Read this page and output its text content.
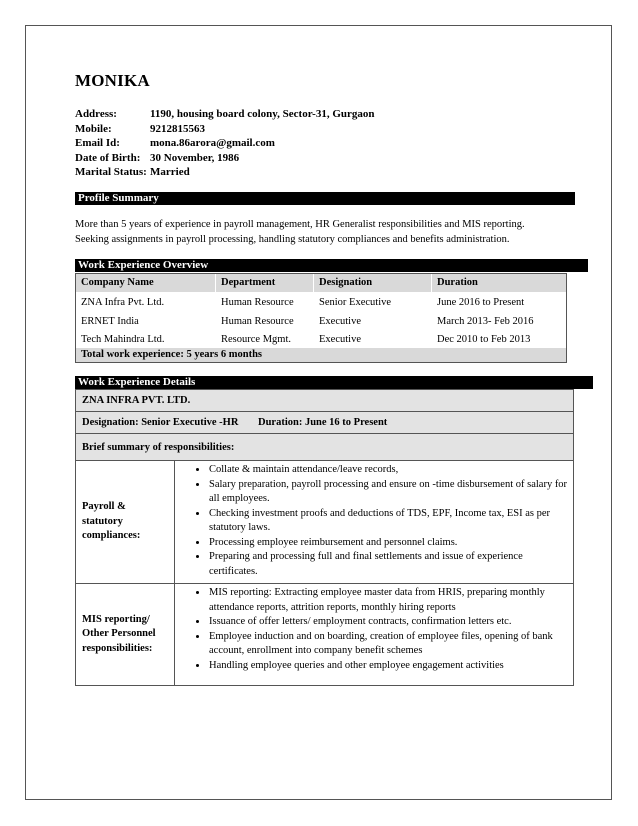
MONIKA
Address:	1190, housing board colony, Sector-31, Gurgaon
Mobile:	9212815563
Email Id:	mona.86arora@gmail.com
Date of Birth: 30 November, 1986
Marital Status: Married
Profile Summary

More than 5 years of experience in payroll management, HR Generalist responsibilities and MIS reporting.

Seeking assignments in payroll processing, handling statutory compliances and benefits administration.

Work Experience Overview
Company Name	Department	Designation	Duration
ZNA Infra Pvt. Ltd.	Human Resource	Senior Executive	June 2016 to Present
ERNET India	Human Resource	Executive	March 2013- Feb 2016
Tech Mahindra Ltd.	Resource Mgmt.	Executive	Dec 2010 to Feb 2013
Total work experience: 5 years 6 months
Work Experience Details
ZNA INFRA PVT. LTD.
Designation: Senior Executive -HR	Duration: June 16 to Present
Brief summary of responsibilities:
Payroll & statutory compliances:
• Collate & maintain attendance/leave records,
• Salary preparation, payroll processing and ensure on -time disbursement of salary for all employees.
• Checking investment proofs and deductions of TDS, EPF, Income tax, ESI as per statutory laws.
• Processing employee reimbursement and personnel claims.
• Preparing and processing full and final settlements and issue of experience certificates.
MIS reporting/ Other Personnel responsibilities:
• MIS reporting: Extracting employee master data from HRIS, preparing monthly attendance reports, attrition reports, monthly hiring reports
• Issuance of offer letters/ employment contracts, confirmation letters etc.
• Employee induction and on boarding, creation of employee files, opening of bank account, enrollment into company benefit schemes
• Handling employee queries and other employee engagement activities
